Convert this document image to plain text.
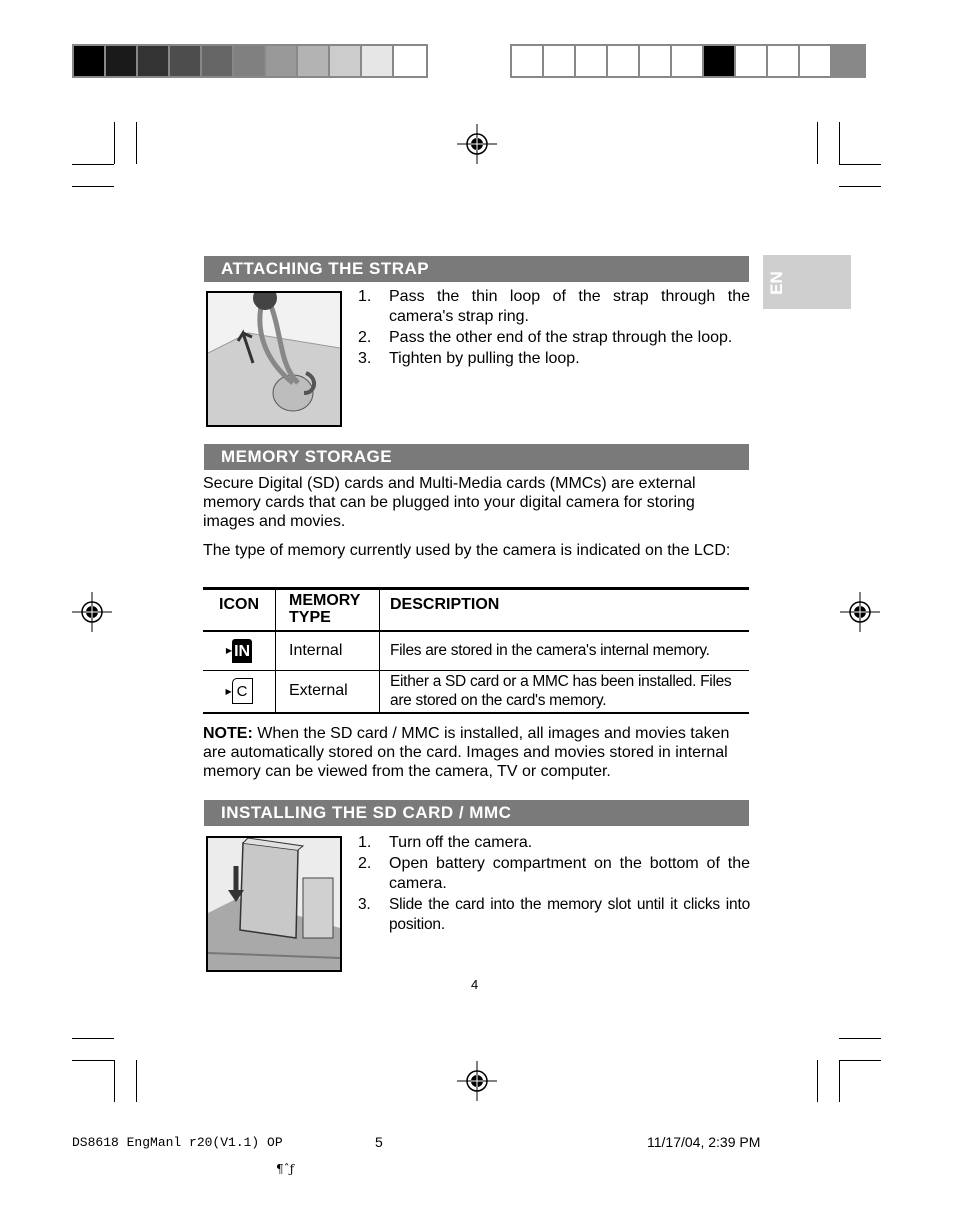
EN
ATTACHING THE STRAP
1. Pass the thin loop of the strap through the camera's strap ring.
2. Pass the other end of the strap through the loop.
3. Tighten by pulling the loop.
MEMORY STORAGE
Secure Digital (SD) cards and Multi-Media cards (MMCs) are external memory cards that can be plugged into your digital camera for storing images and movies.
The type of memory currently used by the camera is indicated on the LCD:
ICON	MEMORY TYPE	DESCRIPTION

▶ IN	Internal	Files are stored in the camera's internal memory.

▶ C	External	Either a SD card or a MMC has been installed. Files are stored on the card's memory.
NOTE: When the SD card / MMC is installed, all images and movies taken are automatically stored on the card. Images and movies stored in internal memory can be viewed from the camera, TV or computer.
INSTALLING THE SD CARD / MMC
1. Turn off the camera.
2. Open battery compartment on the bottom of the camera.
3. Slide the card into the memory slot until it clicks into position.
4
DS8618 EngManl r20(V1.1) OP	5	11/17/04, 2:39 PM
¶ˆƒ
